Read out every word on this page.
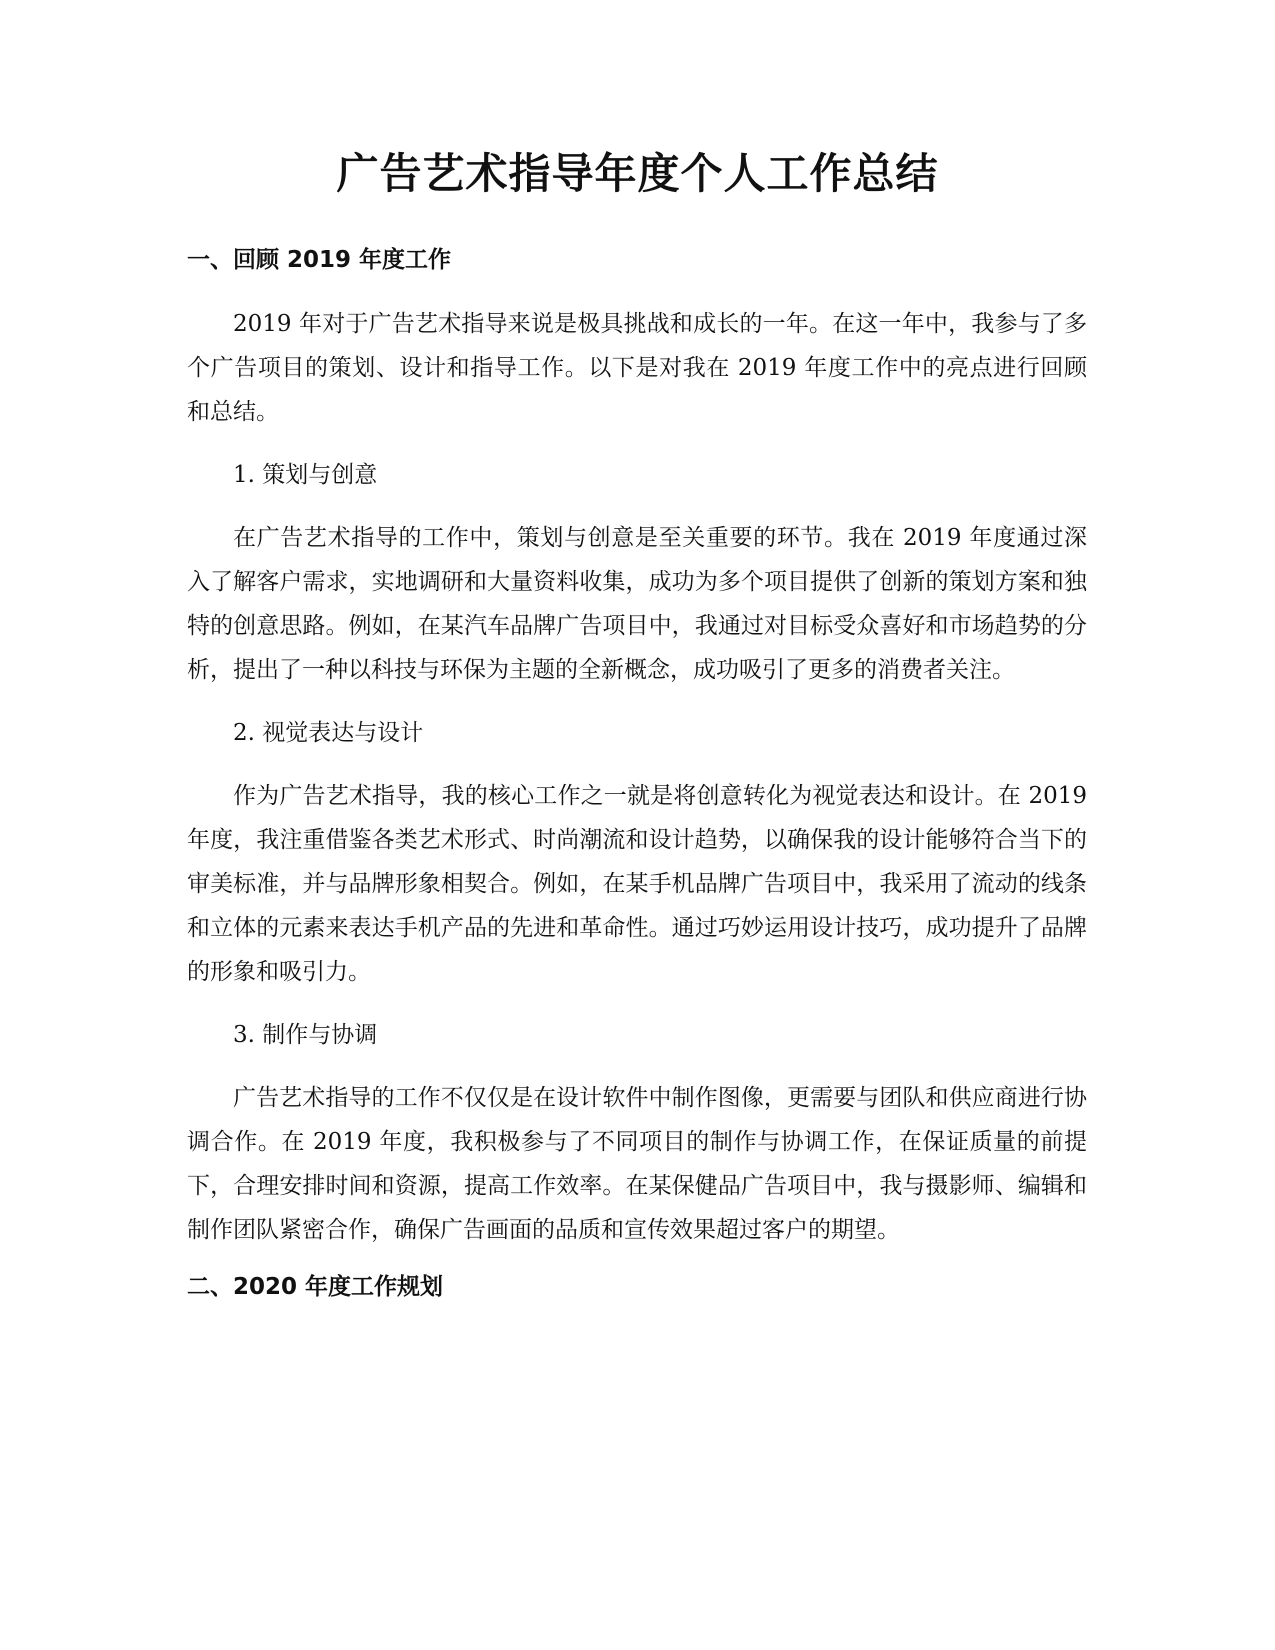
广告艺术指导年度个人工作总结
一、回顾 2019 年度工作

2019 年对于广告艺术指导来说是极具挑战和成长的一年。在这一年中，我参与了多个广告项目的策划、设计和指导工作。以下是对我在 2019 年度工作中的亮点进行回顾和总结。

1. 策划与创意

在广告艺术指导的工作中，策划与创意是至关重要的环节。我在 2019 年度通过深入了解客户需求，实地调研和大量资料收集，成功为多个项目提供了创新的策划方案和独特的创意思路。例如，在某汽车品牌广告项目中，我通过对目标受众喜好和市场趋势的分析，提出了一种以科技与环保为主题的全新概念，成功吸引了更多的消费者关注。

2. 视觉表达与设计

作为广告艺术指导，我的核心工作之一就是将创意转化为视觉表达和设计。在 2019 年度，我注重借鉴各类艺术形式、时尚潮流和设计趋势，以确保我的设计能够符合当下的审美标准，并与品牌形象相契合。例如，在某手机品牌广告项目中，我采用了流动的线条和立体的元素来表达手机产品的先进和革命性。通过巧妙运用设计技巧，成功提升了品牌的形象和吸引力。

3. 制作与协调

广告艺术指导的工作不仅仅是在设计软件中制作图像，更需要与团队和供应商进行协调合作。在 2019 年度，我积极参与了不同项目的制作与协调工作，在保证质量的前提下，合理安排时间和资源，提高工作效率。在某保健品广告项目中，我与摄影师、编辑和制作团队紧密合作，确保广告画面的品质和宣传效果超过客户的期望。

二、2020 年度工作规划
